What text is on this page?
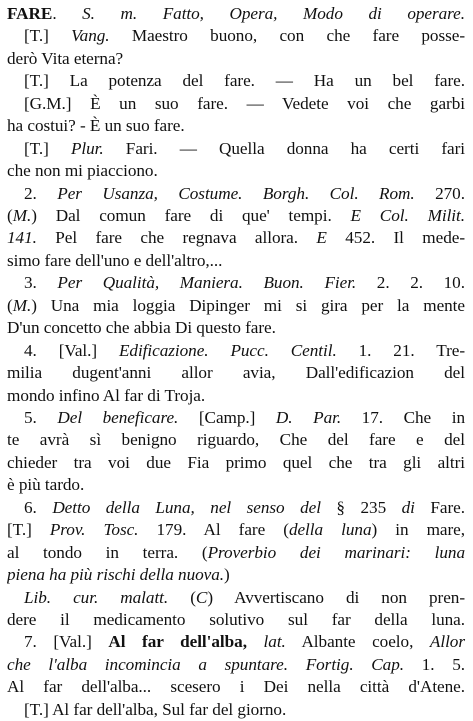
FARE. S. m. Fatto, Opera, Modo di operare.
[T.] Vang. Maestro buono, con che fare posse-
derò Vita eterna?
[T.] La potenza del fare. — Ha un bel fare.
[G.M.] È un suo fare. — Vedete voi che garbi
ha costui? - È un suo fare.
[T.] Plur. Fari. — Quella donna ha certi fari
che non mi piacciono.
2. Per Usanza, Costume. Borgh. Col. Rom. 270.
(M.) Dal comun fare di que' tempi. E Col. Milit.
141. Pel fare che regnava allora. E 452. Il mede-
simo fare dell'uno e dell'altro,...
3. Per Qualità, Maniera. Buon. Fier. 2. 2. 10.
(M.) Una mia loggia Dipinger mi si gira per la mente
D'un concetto che abbia Di questo fare.
4. [Val.] Edificazione. Pucc. Centil. 1. 21. Tre-
milia dugent'anni allor avia, Dall'edificazion del
mondo infino Al far di Troja.
5. Del beneficare. [Camp.] D. Par. 17. Che in
te avrà sì benigno riguardo, Che del fare e del
chieder tra voi due Fia primo quel che tra gli altri
è più tardo.
6. Detto della Luna, nel senso del § 235 di Fare.
[T.] Prov. Tosc. 179. Al fare (della luna) in mare,
al tondo in terra. (Proverbio dei marinari: luna
piena ha più rischi della nuova.)
Lib. cur. malatt. (C) Avvertiscano di non pren-
dere il medicamento solutivo sul far della luna.
7. [Val.] Al far dell'alba, lat. Albante coelo, Allor
che l'alba incomincia a spuntare. Fortig. Cap. 1. 5.
Al far dell'alba... scesero i Dei nella città d'Atene.
[T.] Al far dell'alba, Sul far del giorno.
